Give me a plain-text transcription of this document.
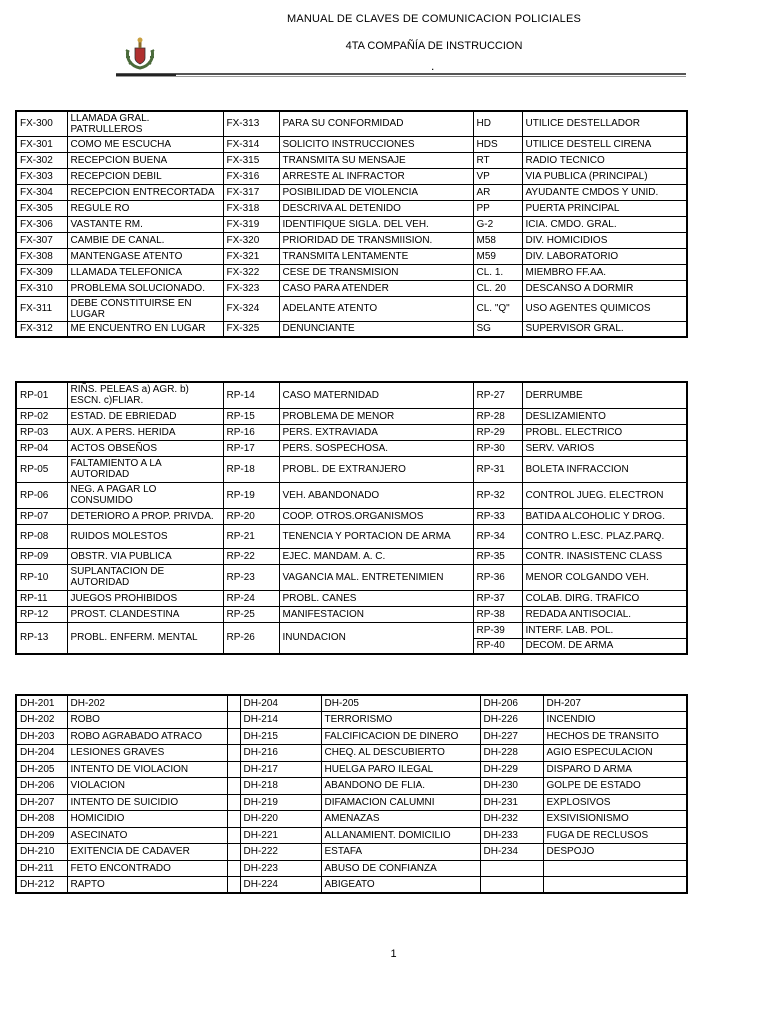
MANUAL DE CLAVES DE COMUNICACION POLICIALES
4TA COMPAÑÍA DE INSTRUCCION
.
FX-300	LLAMADA GRAL. PATRULLEROS	FX-313	PARA SU CONFORMIDAD	HD	UTILICE DESTELLADOR
FX-301	COMO ME ESCUCHA	FX-314	SOLICITO INSTRUCCIONES	HDS	UTILICE DESTELL CIRENA
FX-302	RECEPCION BUENA	FX-315	TRANSMITA SU MENSAJE	RT	RADIO TECNICO
FX-303	RECEPCION DEBIL	FX-316	ARRESTE AL INFRACTOR	VP	VIA PUBLICA (PRINCIPAL)
FX-304	RECEPCION ENTRECORTADA	FX-317	POSIBILIDAD DE VIOLENCIA	AR	AYUDANTE CMDOS Y UNID.
FX-305	REGULE RO	FX-318	DESCRIVA AL DETENIDO	PP	PUERTA PRINCIPAL
FX-306	VASTANTE RM.	FX-319	IDENTIFIQUE SIGLA. DEL VEH.	G-2	ICIA. CMDO. GRAL.
FX-307	CAMBIE DE CANAL.	FX-320	PRIORIDAD DE TRANSMIISION.	M58	DIV. HOMICIDIOS
FX-308	MANTENGASE ATENTO	FX-321	TRANSMITA LENTAMENTE	M59	DIV. LABORATORIO
FX-309	LLAMADA TELEFONICA	FX-322	CESE DE TRANSMISION	CL. 1.	MIEMBRO FF.AA.
FX-310	PROBLEMA SOLUCIONADO.	FX-323	CASO PARA ATENDER	CL. 20	DESCANSO A DORMIR
FX-311	DEBE CONSTITUIRSE EN LUGAR	FX-324	ADELANTE ATENTO	CL. "Q"	USO AGENTES QUIMICOS
FX-312	ME ENCUENTRO EN LUGAR	FX-325	DENUNCIANTE	SG	SUPERVISOR GRAL.
RP-01	RIÑS. PELEAS a) AGR. b) ESCN. c)FLIAR.	RP-14	CASO MATERNIDAD	RP-27	DERRUMBE
RP-02	ESTAD. DE EBRIEDAD	RP-15	PROBLEMA DE MENOR	RP-28	DESLIZAMIENTO
RP-03	AUX. A PERS. HERIDA	RP-16	PERS. EXTRAVIADA	RP-29	PROBL. ELECTRICO
RP-04	ACTOS OBSEÑOS	RP-17	PERS. SOSPECHOSA.	RP-30	SERV. VARIOS
RP-05	FALTAMIENTO A LA AUTORIDAD	RP-18	PROBL. DE EXTRANJERO	RP-31	BOLETA INFRACCION
RP-06	NEG. A PAGAR LO CONSUMIDO	RP-19	VEH. ABANDONADO	RP-32	CONTROL JUEG. ELECTRON
RP-07	DETERIORO A PROP. PRIVDA.	RP-20	COOP. OTROS.ORGANISMOS	RP-33	BATIDA ALCOHOLIC Y DROG.
RP-08	RUIDOS MOLESTOS	RP-21	TENENCIA Y PORTACION DE ARMA	RP-34	CONTRO L.ESC. PLAZ.PARQ.
RP-09	OBSTR. VIA PUBLICA	RP-22	EJEC. MANDAM. A. C.	RP-35	CONTR. INASISTENC CLASS
RP-10	SUPLANTACION DE AUTORIDAD	RP-23	VAGANCIA MAL. ENTRETENIMIEN	RP-36	MENOR COLGANDO VEH.
RP-11	JUEGOS PROHIBIDOS	RP-24	PROBL. CANES	RP-37	COLAB. DIRG. TRAFICO
RP-12	PROST. CLANDESTINA	RP-25	MANIFESTACION	RP-38	REDADA ANTISOCIAL.
RP-13	PROBL. ENFERM. MENTAL	RP-26	INUNDACION	RP-39	INTERF. LAB. POL.
				RP-40	DECOM. DE ARMA
DH-201	DH-202		DH-204	DH-205	DH-206	DH-207
DH-202	ROBO		DH-214	TERRORISMO	DH-226	INCENDIO
DH-203	ROBO AGRABADO ATRACO		DH-215	FALCIFICACION DE DINERO	DH-227	HECHOS DE TRANSITO
DH-204	LESIONES GRAVES		DH-216	CHEQ. AL DESCUBIERTO	DH-228	AGIO ESPECULACION
DH-205	INTENTO DE VIOLACION		DH-217	HUELGA PARO ILEGAL	DH-229	DISPARO D ARMA
DH-206	VIOLACION		DH-218	ABANDONO DE FLIA.	DH-230	GOLPE DE ESTADO
DH-207	INTENTO DE SUICIDIO		DH-219	DIFAMACION CALUMNI	DH-231	EXPLOSIVOS
DH-208	HOMICIDIO		DH-220	AMENAZAS	DH-232	EXSIVISIONISMO
DH-209	ASECINATO		DH-221	ALLANAMIENT. DOMICILIO	DH-233	FUGA DE RECLUSOS
DH-210	EXITENCIA DE CADAVER		DH-222	ESTAFA	DH-234	DESPOJO
DH-211	FETO ENCONTRADO		DH-223	ABUSO DE CONFIANZA		
DH-212	RAPTO		DH-224	ABIGEATO		
1
